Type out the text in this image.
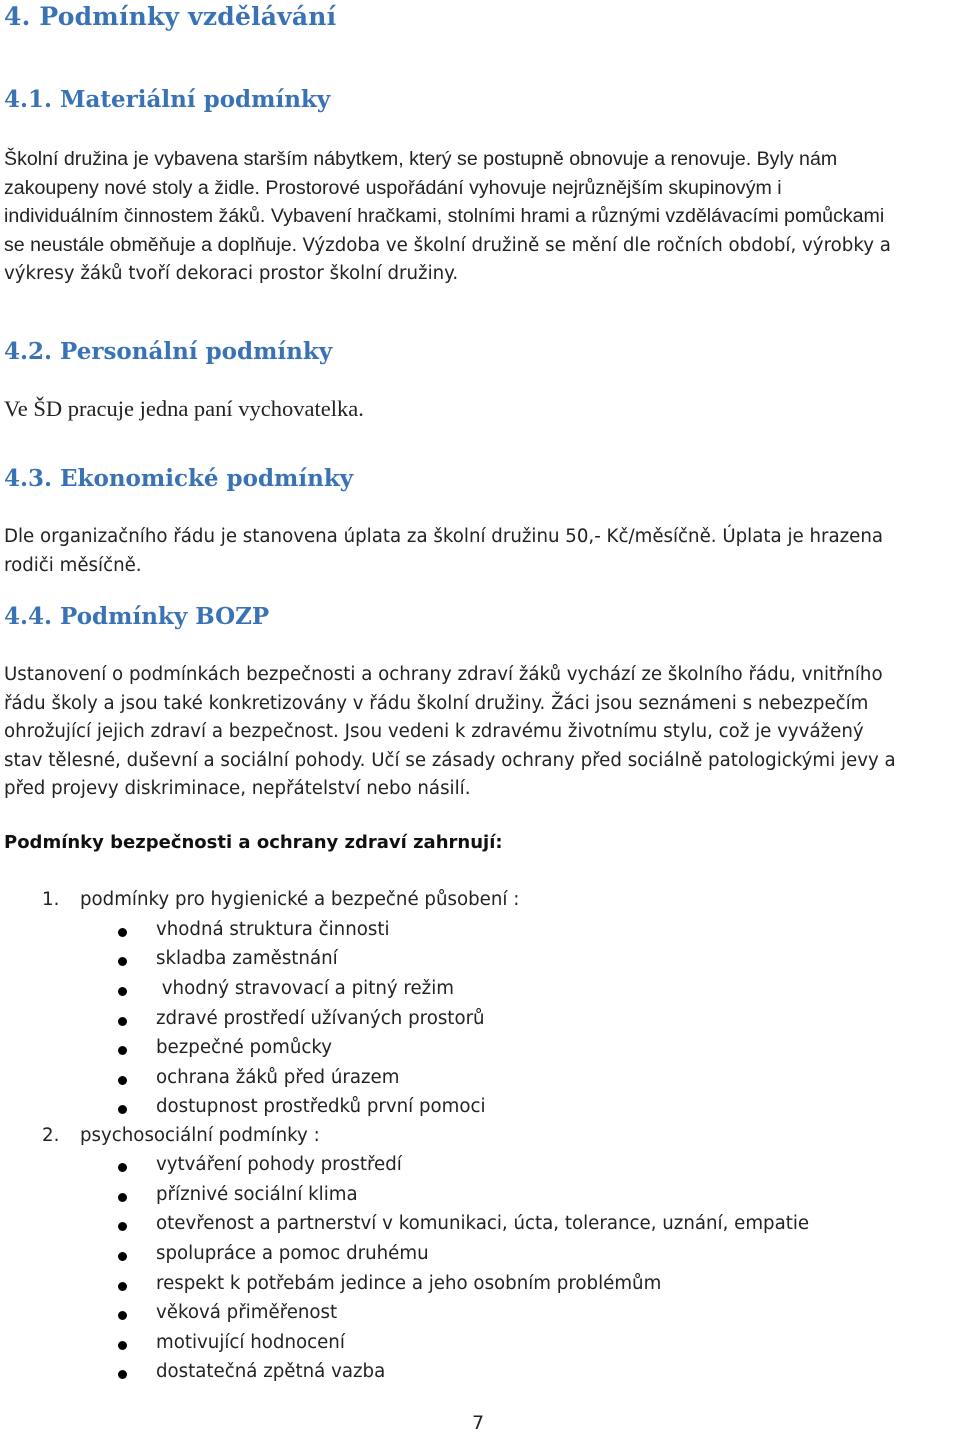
4. Podmínky vzdělávání
4.1. Materiální podmínky
Školní družina je vybavena starším nábytkem, který se postupně obnovuje a renovuje. Byly nám
zakoupeny nové stoly a židle. Prostorové uspořádání vyhovuje nejrůznějším skupinovým i
individuálním činnostem žáků. Vybavení hračkami, stolními hrami a různými vzdělávacími pomůckami
se neustále obměňuje a doplňuje. Výzdoba ve školní družině se mění dle ročních období, výrobky a
výkresy žáků tvoří dekoraci prostor školní družiny.
4.2. Personální podmínky
Ve ŠD pracuje jedna paní vychovatelka.
4.3. Ekonomické podmínky
Dle organizačního řádu je stanovena úplata za školní družinu 50,- Kč/měsíčně. Úplata je hrazena
rodiči měsíčně.
4.4. Podmínky BOZP
Ustanovení o podmínkách bezpečnosti a ochrany zdraví žáků vychází ze školního řádu, vnitřního
řádu školy a jsou také konkretizovány v řádu školní družiny. Žáci jsou seznámeni s nebezpečím
ohrožující jejich zdraví a bezpečnost. Jsou vedeni k zdravému životnímu stylu, což je vyvážený
stav tělesné, duševní a sociální pohody. Učí se zásady ochrany před sociálně patologickými jevy a
před projevy diskriminace, nepřátelství nebo násilí.
Podmínky bezpečnosti a ochrany zdraví zahrnují:
1. podmínky pro hygienické a bezpečné působení :
vhodná struktura činnosti
skladba zaměstnání
vhodný stravovací a pitný režim
zdravé prostředí užívaných prostorů
bezpečné pomůcky
ochrana žáků před úrazem
dostupnost prostředků první pomoci
2. psychosociální podmínky :
vytváření pohody prostředí
příznivé sociální klima
otevřenost a partnerství v komunikaci, úcta, tolerance, uznání, empatie
spolupráce a pomoc druhému
respekt k potřebám jedince a jeho osobním problémům
věková přiměřenost
motivující hodnocení
dostatečná zpětná vazba
7
